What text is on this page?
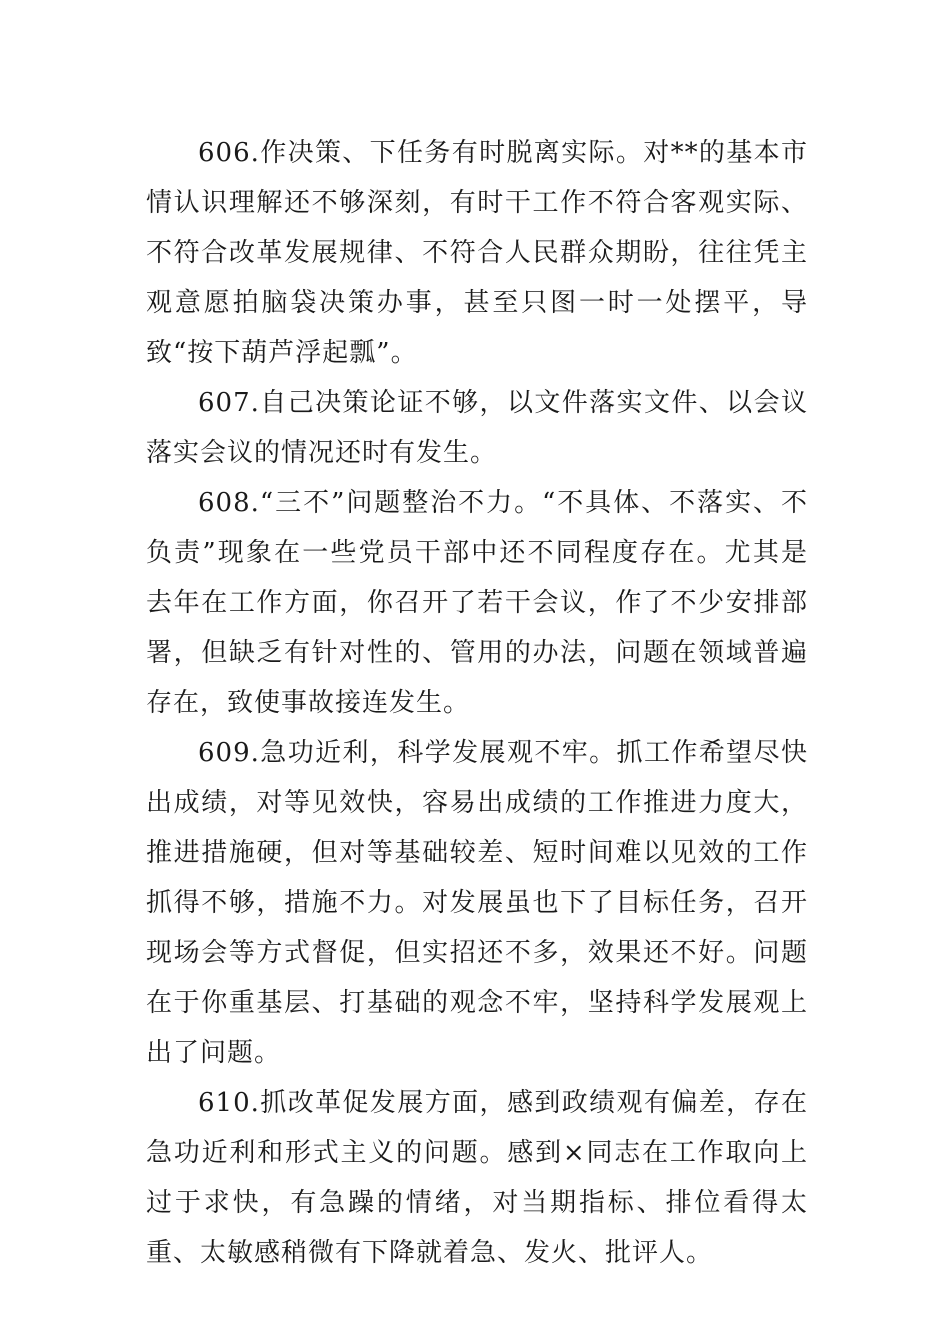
606.作决策、下任务有时脱离实际。对**的基本市情认识理解还不够深刻，有时干工作不符合客观实际、不符合改革发展规律、不符合人民群众期盼，往往凭主观意愿拍脑袋决策办事，甚至只图一时一处摆平，导致“按下葫芦浮起瓢”。

607.自己决策论证不够，以文件落实文件、以会议落实会议的情况还时有发生。

608.“三不”问题整治不力。“不具体、不落实、不负责”现象在一些党员干部中还不同程度存在。尤其是去年在工作方面，你召开了若干会议，作了不少安排部署，但缺乏有针对性的、管用的办法，问题在领域普遍存在，致使事故接连发生。

609.急功近利，科学发展观不牢。抓工作希望尽快出成绩，对等见效快，容易出成绩的工作推进力度大，推进措施硬，但对等基础较差、短时间难以见效的工作抓得不够，措施不力。对发展虽也下了目标任务，召开现场会等方式督促，但实招还不多，效果还不好。问题在于你重基层、打基础的观念不牢，坚持科学发展观上出了问题。

610.抓改革促发展方面，感到政绩观有偏差，存在急功近利和形式主义的问题。感到×同志在工作取向上过于求快，有急躁的情绪，对当期指标、排位看得太重、太敏感稍微有下降就着急、发火、批评人。
